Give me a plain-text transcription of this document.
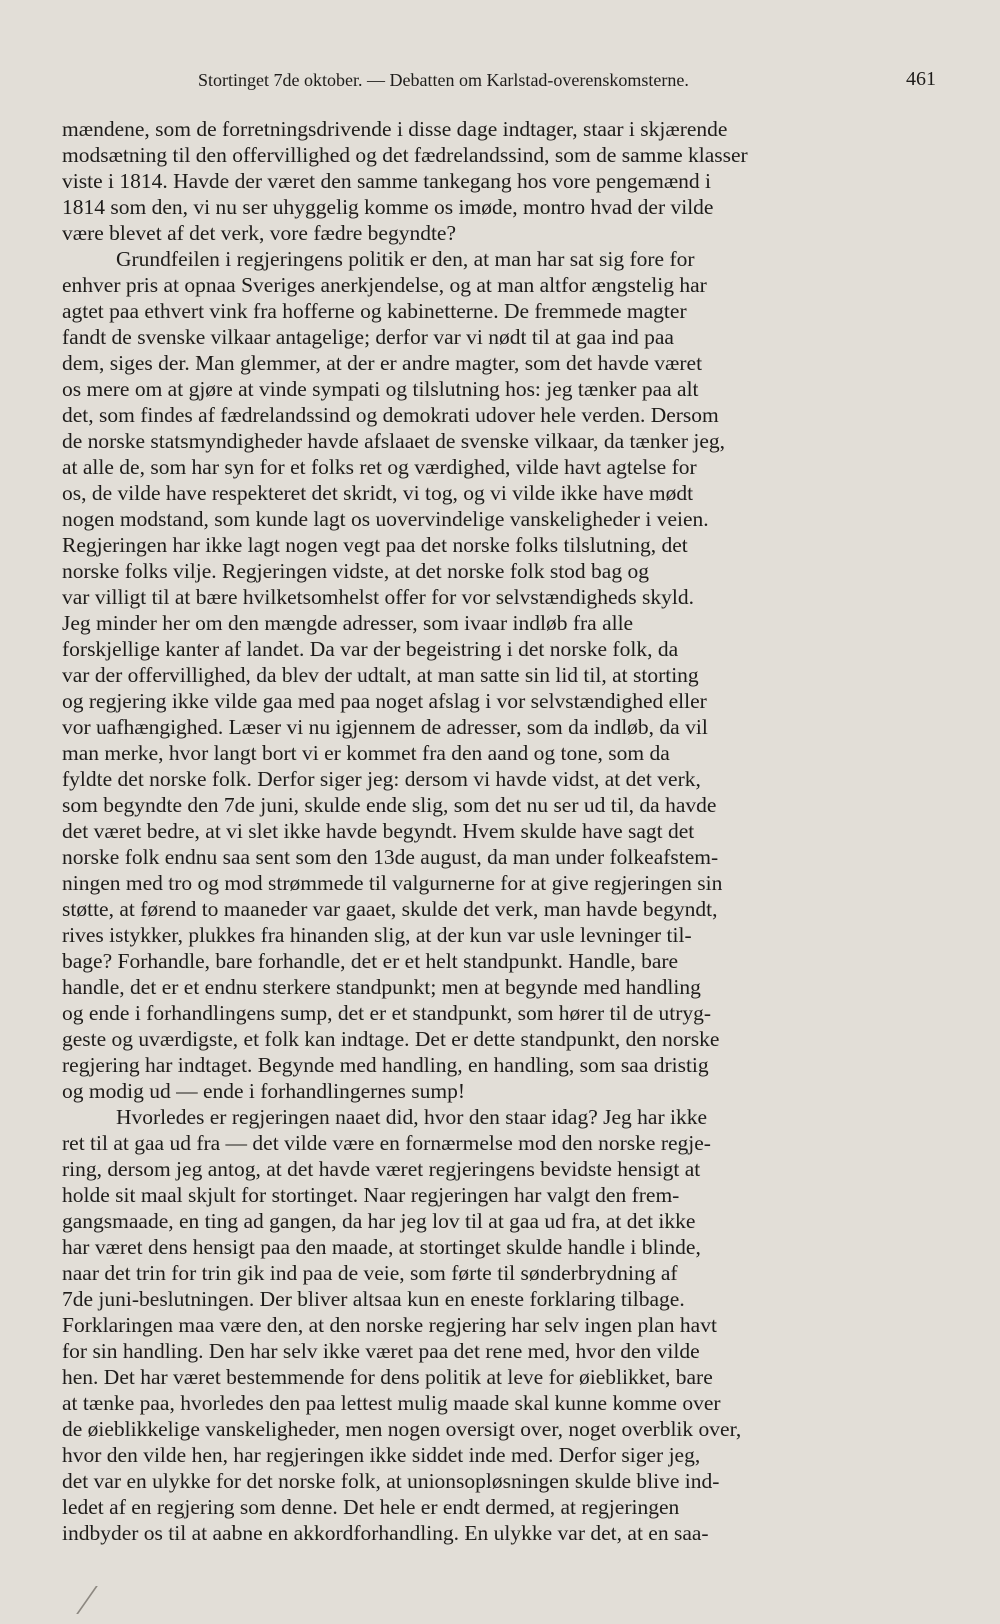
Stortinget 7de oktober. — Debatten om Karlstad-overenskomsterne.	461
mændene, som de forretningsdrivende i disse dage indtager, staar i skjærende
modsætning til den offervillighed og det fædrelandssind, som de samme klasser
viste i 1814. Havde der været den samme tankegang hos vore pengemænd i
1814 som den, vi nu ser uhyggelig komme os imøde, montro hvad der vilde
være blevet af det verk, vore fædre begyndte?
Grundfeilen i regjeringens politik er den, at man har sat sig fore for
enhver pris at opnaa Sveriges anerkjendelse, og at man altfor ængstelig har
agtet paa ethvert vink fra hofferne og kabinetterne. De fremmede magter
fandt de svenske vilkaar antagelige; derfor var vi nødt til at gaa ind paa
dem, siges der. Man glemmer, at der er andre magter, som det havde været
os mere om at gjøre at vinde sympati og tilslutning hos: jeg tænker paa alt
det, som findes af fædrelandssind og demokrati udover hele verden. Dersom
de norske statsmyndigheder havde afslaaet de svenske vilkaar, da tænker jeg,
at alle de, som har syn for et folks ret og værdighed, vilde havt agtelse for
os, de vilde have respekteret det skridt, vi tog, og vi vilde ikke have mødt
nogen modstand, som kunde lagt os uovervindelige vanskeligheder i veien.
Regjeringen har ikke lagt nogen vegt paa det norske folks tilslutning, det
norske folks vilje. Regjeringen vidste, at det norske folk stod bag og
var villigt til at bære hvilketsomhelst offer for vor selvstændigheds skyld.
Jeg minder her om den mængde adresser, som ivaar indløb fra alle
forskjellige kanter af landet. Da var der begeistring i det norske folk, da
var der offervillighed, da blev der udtalt, at man satte sin lid til, at storting
og regjering ikke vilde gaa med paa noget afslag i vor selvstændighed eller
vor uafhængighed. Læser vi nu igjennem de adresser, som da indløb, da vil
man merke, hvor langt bort vi er kommet fra den aand og tone, som da
fyldte det norske folk. Derfor siger jeg: dersom vi havde vidst, at det verk,
som begyndte den 7de juni, skulde ende slig, som det nu ser ud til, da havde
det været bedre, at vi slet ikke havde begyndt. Hvem skulde have sagt det
norske folk endnu saa sent som den 13de august, da man under folkeafstem-
ningen med tro og mod strømmede til valgurnerne for at give regjeringen sin
støtte, at førend to maaneder var gaaet, skulde det verk, man havde begyndt,
rives istykker, plukkes fra hinanden slig, at der kun var usle levninger til-
bage? Forhandle, bare forhandle, det er et helt standpunkt. Handle, bare
handle, det er et endnu sterkere standpunkt; men at begynde med handling
og ende i forhandlingens sump, det er et standpunkt, som hører til de utryg-
geste og uværdigste, et folk kan indtage. Det er dette standpunkt, den norske
regjering har indtaget. Begynde med handling, en handling, som saa dristig
og modig ud — ende i forhandlingernes sump!
Hvorledes er regjeringen naaet did, hvor den staar idag? Jeg har ikke
ret til at gaa ud fra — det vilde være en fornærmelse mod den norske regje-
ring, dersom jeg antog, at det havde været regjeringens bevidste hensigt at
holde sit maal skjult for stortinget. Naar regjeringen har valgt den frem-
gangsmaade, en ting ad gangen, da har jeg lov til at gaa ud fra, at det ikke
har været dens hensigt paa den maade, at stortinget skulde handle i blinde,
naar det trin for trin gik ind paa de veie, som førte til sønderbrydning af
7de juni-beslutningen. Der bliver altsaa kun en eneste forklaring tilbage.
Forklaringen maa være den, at den norske regjering har selv ingen plan havt
for sin handling. Den har selv ikke været paa det rene med, hvor den vilde
hen. Det har været bestemmende for dens politik at leve for øieblikket, bare
at tænke paa, hvorledes den paa lettest mulig maade skal kunne komme over
de øieblikkelige vanskeligheder, men nogen oversigt over, noget overblik over,
hvor den vilde hen, har regjeringen ikke siddet inde med. Derfor siger jeg,
det var en ulykke for det norske folk, at unionsopløsningen skulde blive ind-
ledet af en regjering som denne. Det hele er endt dermed, at regjeringen
indbyder os til at aabne en akkordforhandling. En ulykke var det, at en saa-
